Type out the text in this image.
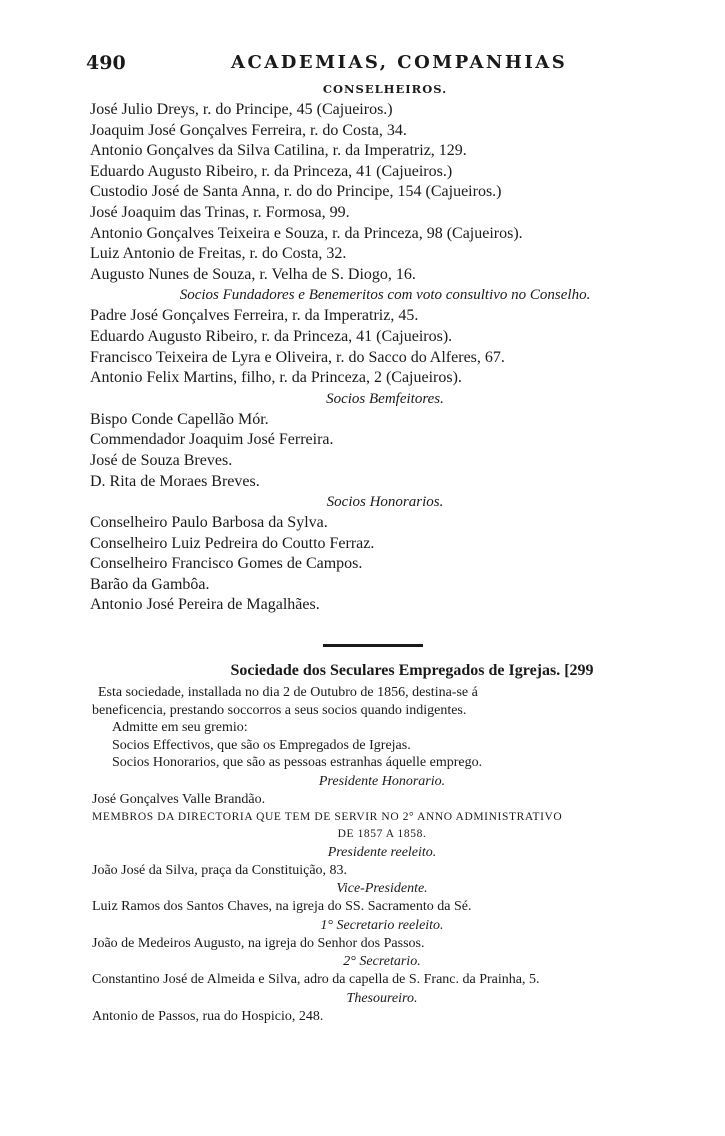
490	ACADEMIAS, COMPANHIAS
CONSELHEIROS.
José Julio Dreys, r. do Principe, 45 (Cajueiros.)
Joaquim José Gonçalves Ferreira, r. do Costa, 34.
Antonio Gonçalves da Silva Catilina, r. da Imperatriz, 129.
Eduardo Augusto Ribeiro, r. da Princeza, 41 (Cajueiros.)
Custodio José de Santa Anna, r. do do Principe, 154 (Cajueiros.)
José Joaquim das Trinas, r. Formosa, 99.
Antonio Gonçalves Teixeira e Souza, r. da Princeza, 98 (Cajueiros).
Luiz Antonio de Freitas, r. do Costa, 32.
Augusto Nunes de Souza, r. Velha de S. Diogo, 16.
Socios Fundadores e Benemeritos com voto consultivo no Conselho.
Padre José Gonçalves Ferreira, r. da Imperatriz, 45.
Eduardo Augusto Ribeiro, r. da Princeza, 41 (Cajueiros).
Francisco Teixeira de Lyra e Oliveira, r. do Sacco do Alferes, 67.
Antonio Felix Martins, filho, r. da Princeza, 2 (Cajueiros).
Socios Bemfeitores.
Bispo Conde Capellão Mór.
Commendador Joaquim José Ferreira.
José de Souza Breves.
D. Rita de Moraes Breves.
Socios Honorarios.
Conselheiro Paulo Barbosa da Sylva.
Conselheiro Luiz Pedreira do Coutto Ferraz.
Conselheiro Francisco Gomes de Campos.
Barão da Gambôa.
Antonio José Pereira de Magalhães.
Sociedade dos Seculares Empregados de Igrejas. [299
Esta sociedade, installada no dia 2 de Outubro de 1856, destina-se á
beneficencia, prestando soccorros a seus socios quando indigentes.
Admitte em seu gremio:
Socios Effectivos, que são os Empregados de Igrejas.
Socios Honorarios, que são as pessoas estranhas áquelle emprego.
Presidente Honorario.
José Gonçalves Valle Brandão.
MEMBROS DA DIRECTORIA QUE TEM DE SERVIR NO 2° ANNO ADMINISTRATIVO
DE 1857 A 1858.
Presidente reeleito.
João José da Silva, praça da Constituição, 83.
Vice-Presidente.
Luiz Ramos dos Santos Chaves, na igreja do SS. Sacramento da Sé.
1° Secretario reeleito.
João de Medeiros Augusto, na igreja do Senhor dos Passos.
2° Secretario.
Constantino José de Almeida e Silva, adro da capella de S. Franc. da Prainha, 5.
Thesoureiro.
Antonio de Passos, rua do Hospicio, 248.
